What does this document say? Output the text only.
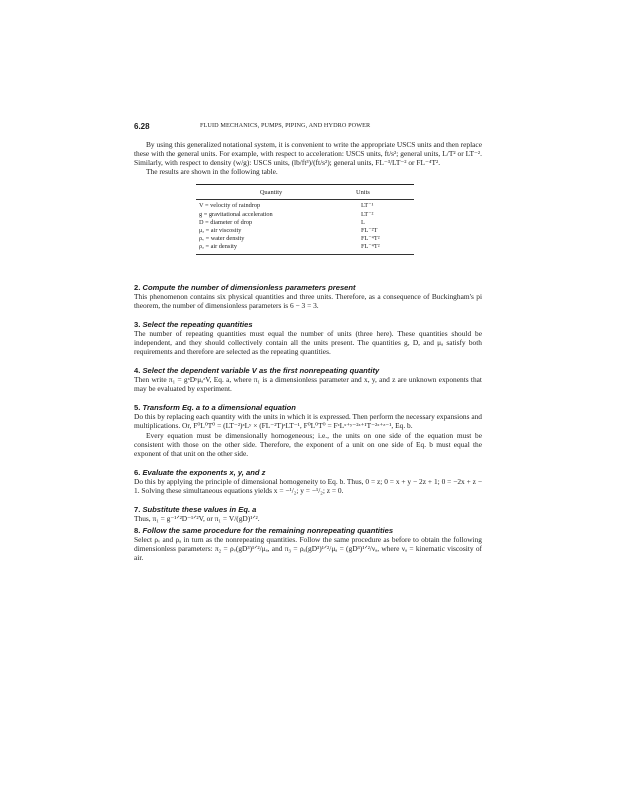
6.28	FLUID MECHANICS, PUMPS, PIPING, AND HYDRO POWER

By using this generalized notational system, it is convenient to write the appropriate USCS units and then replace these with the general units. For example, with respect to acceleration: USCS units, ft/s²; general units, L/T² or LT⁻². Similarly, with respect to density (w/g): USCS units, (lb/ft³)/(ft/s²); general units, FL⁻³/LT⁻² or FL⁻⁴T².

The results are shown in the following table.

Quantity	Units
V = velocity of raindrop	LT⁻¹
g = gravitational acceleration	LT⁻²
D = diameter of drop	L
μₐ = air viscosity	FL⁻²T
ρᵥ = water density	FL⁻⁴T²
ρₐ = air density	FL⁻⁴T²
2. Compute the number of dimensionless parameters present

This phenomenon contains six physical quantities and three units. Therefore, as a consequence of Buckingham's pi theorem, the number of dimensionless parameters is 6 − 3 = 3.

3. Select the repeating quantities

The number of repeating quantities must equal the number of units (three here). These quantities should be independent, and they should collectively contain all the units present. The quantities g, D, and μₐ satisfy both requirements and therefore are selected as the repeating quantities.

4. Select the dependent variable V as the first nonrepeating quantity

Then write π₁ = gˣDʸμₐᶻV, Eq. a, where π₁ is a dimensionless parameter and x, y, and z are unknown exponents that may be evaluated by experiment.

5. Transform Eq. a to a dimensional equation

Do this by replacing each quantity with the units in which it is expressed. Then perform the necessary expansions and multiplications. Or, F⁰L⁰T⁰ = (LT⁻²)ˣLʸ × (FL⁻²T)ᶻLT⁻¹, F⁰L⁰T⁰ = FᶻLˣ⁺ʸ⁻²ᶻ⁺¹T⁻²ˣ⁺ᶻ⁻¹, Eq. b.

Every equation must be dimensionally homogeneous; i.e., the units on one side of the equation must be consistent with those on the other side. Therefore, the exponent of a unit on one side of Eq. b must equal the exponent of that unit on the other side.

6. Evaluate the exponents x, y, and z

Do this by applying the principle of dimensional homogeneity to Eq. b. Thus, 0 = z; 0 = x + y − 2z + 1; 0 = −2x + z − 1. Solving these simultaneous equations yields x = −¹/₂; y = −¹/₂; z = 0.

7. Substitute these values in Eq. a

Thus, π₁ = g⁻¹ᐟ²D⁻¹ᐟ²V, or π₁ = V/(gD)¹ᐟ².

8. Follow the same procedure for the remaining nonrepeating quantities

Select ρᵥ and ρₐ in turn as the nonrepeating quantities. Follow the same procedure as before to obtain the following dimensionless parameters: π₂ = ρᵥ(gD³)¹ᐟ²/μₐ, and π₃ = ρₐ(gD³)¹ᐟ²/μₐ = (gD³)¹ᐟ²/νₐ, where νₐ = kinematic viscosity of air.
